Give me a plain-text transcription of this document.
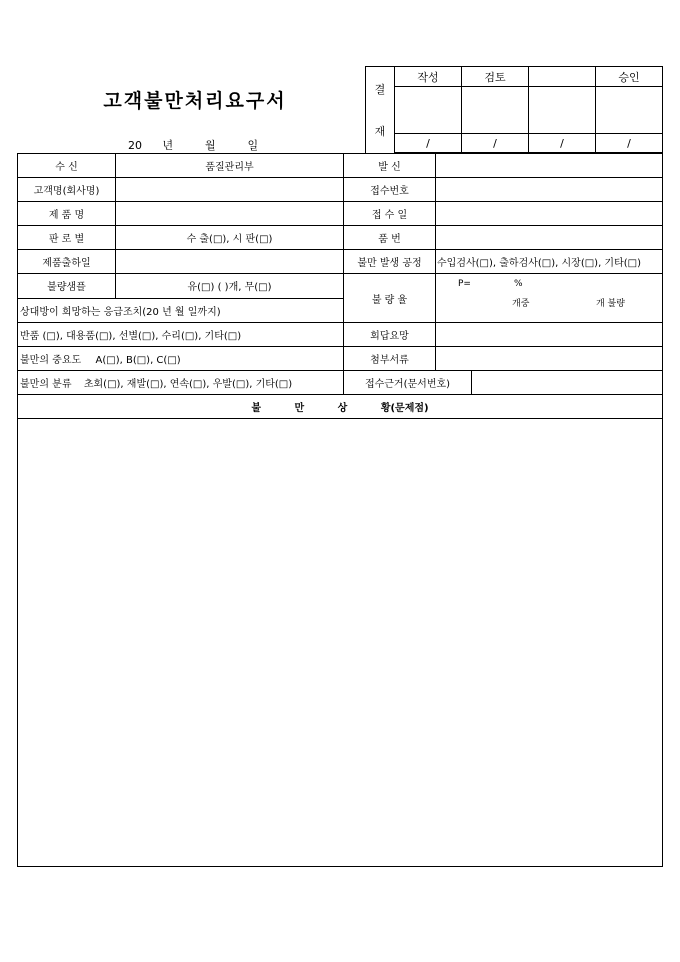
고객불만처리요구서
20 년	월	일
결
재	작성	검토		승인

	/	/	/	/
수 신	품질관리부	발 신		
고객명(회사명)		접수번호		
제 품 명		접 수 일		
판 로 별	수 출(□), 시 판(□)	품 번		
제품출하일		불만 발생 공정	수입검사(□), 출하검사(□), 시장(□), 기타(□)	
불량샘플	유(□) ( )개, 무(□)	불 량 율	P= %
개중 개 불량	

상대방이 희망하는 응급조치(20 년 월 일까지)				
반품 (□), 대용품(□), 선별(□), 수리(□), 기타(□)		회답요망		
불만의 중요도 A(□), B(□), C(□)		첨부서류		
불만의 분류 초회(□), 재발(□), 연속(□), 우발(□), 기타(□)		접수근거(문서번호)		
불 만 상 황(문제점)				
